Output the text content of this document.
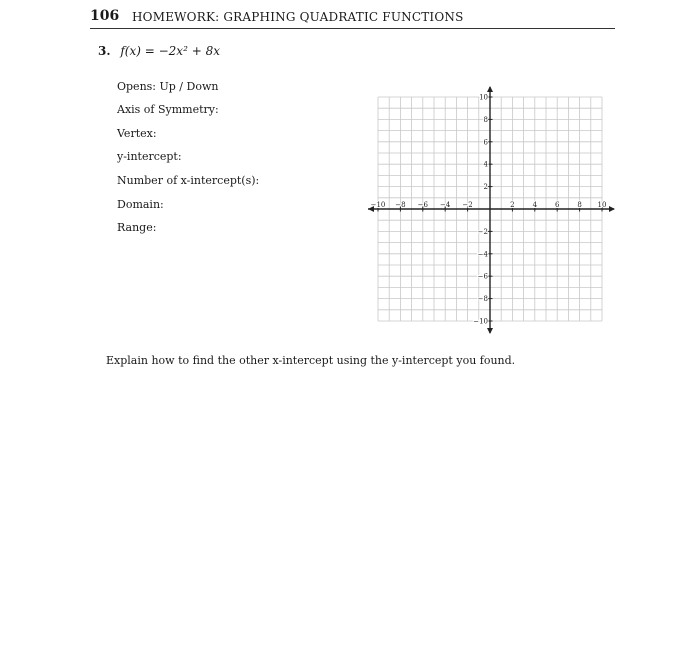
106 HOMEWORK: GRAPHING QUADRATIC FUNCTIONS
3. f(x) = −2x² + 8x
Opens: Up / Down
Axis of Symmetry:
Vertex:
y-intercept:
Number of x-intercept(s):
Domain:
Range:
−10 −8 −6 −4 −2	2	4	6	8 10
10
8
6
4
2
−2
−4
−6
−8
−10
Explain how to find the other x-intercept using the y-intercept you found.
